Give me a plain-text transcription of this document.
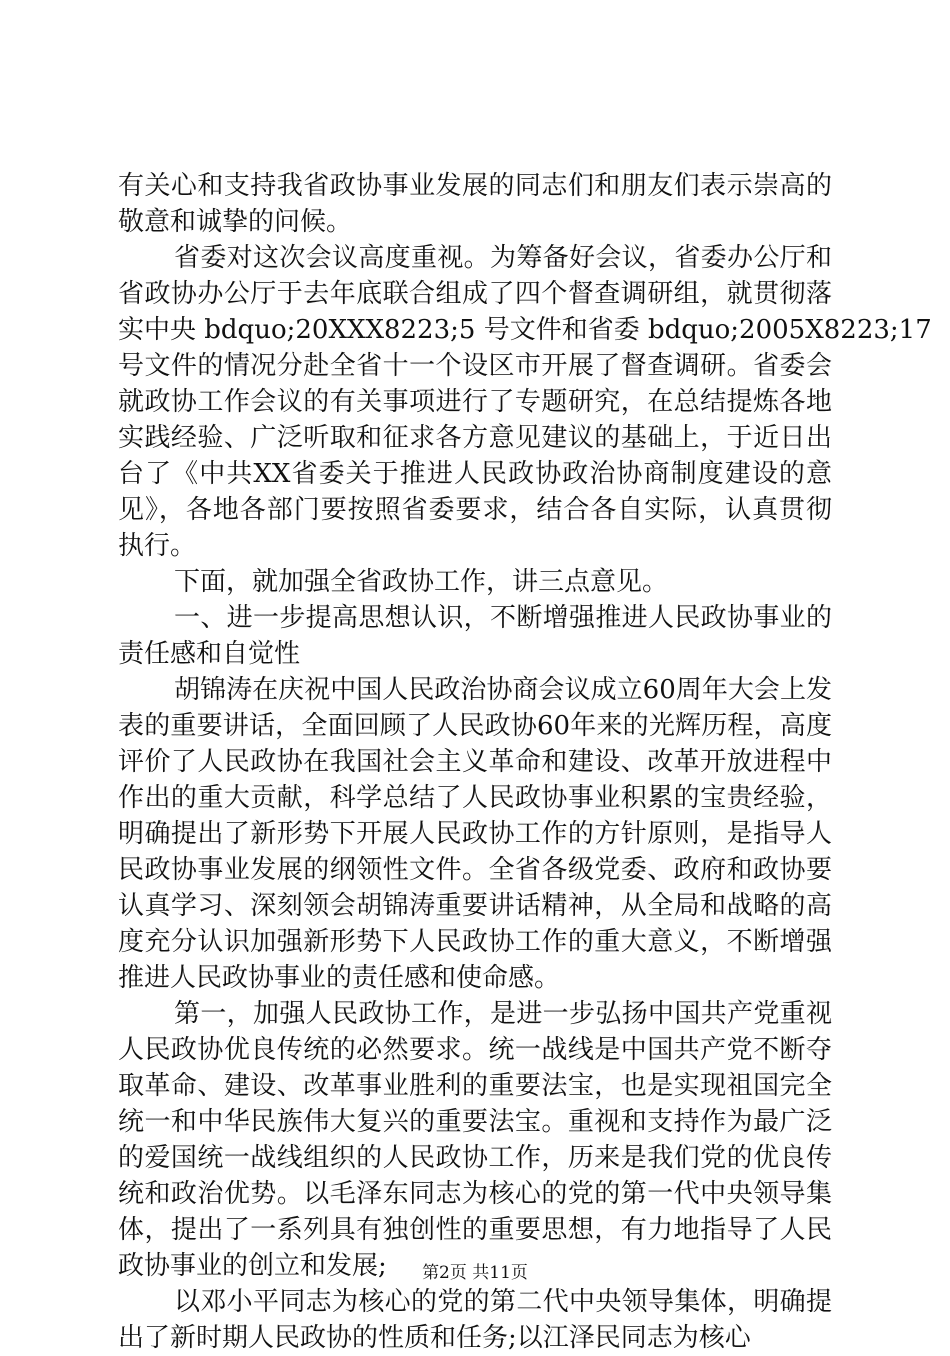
有关心和支持我省政协事业发展的同志们和朋友们表示崇高的
敬意和诚挚的问候。
省委对这次会议高度重视。为筹备好会议，省委办公厅和
省政协办公厅于去年底联合组成了四个督查调研组，就贯彻落
实中央 bdquo;20XXX8223;5 号文件和省委 bdquo;2005X8223;17
号文件的情况分赴全省十一个设区市开展了督查调研。省委会
就政协工作会议的有关事项进行了专题研究，在总结提炼各地
实践经验、广泛听取和征求各方意见建议的基础上，于近日出
台了《中共XX省委关于推进人民政协政治协商制度建设的意
见》，各地各部门要按照省委要求，结合各自实际，认真贯彻
执行。
下面，就加强全省政协工作，讲三点意见。
一、进一步提高思想认识，不断增强推进人民政协事业的
责任感和自觉性
胡锦涛在庆祝中国人民政治协商会议成立60周年大会上发
表的重要讲话，全面回顾了人民政协60年来的光辉历程，高度
评价了人民政协在我国社会主义革命和建设、改革开放进程中
作出的重大贡献，科学总结了人民政协事业积累的宝贵经验，
明确提出了新形势下开展人民政协工作的方针原则，是指导人
民政协事业发展的纲领性文件。全省各级党委、政府和政协要
认真学习、深刻领会胡锦涛重要讲话精神，从全局和战略的高
度充分认识加强新形势下人民政协工作的重大意义，不断增强
推进人民政协事业的责任感和使命感。
第一，加强人民政协工作，是进一步弘扬中国共产党重视
人民政协优良传统的必然要求。统一战线是中国共产党不断夺
取革命、建设、改革事业胜利的重要法宝，也是实现祖国完全
统一和中华民族伟大复兴的重要法宝。重视和支持作为最广泛
的爱国统一战线组织的人民政协工作，历来是我们党的优良传
统和政治优势。以毛泽东同志为核心的党的第一代中央领导集
体，提出了一系列具有独创性的重要思想，有力地指导了人民
政协事业的创立和发展;
以邓小平同志为核心的党的第二代中央领导集体，明确提
出了新时期人民政协的性质和任务;以江泽民同志为核心
第2页 共11页
